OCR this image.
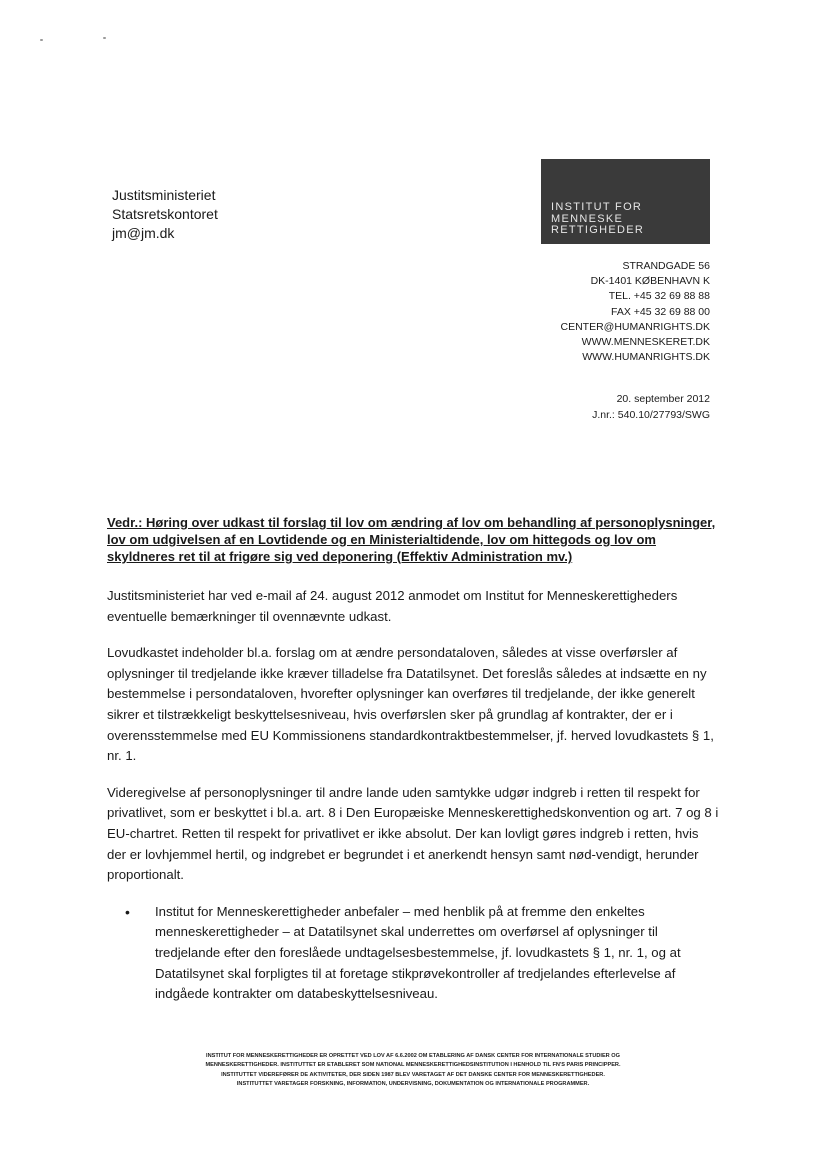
Justitsministeriet
Statsretskontoret
jm@jm.dk
INSTITUT FOR
MENNESKE
RETTIGHEDER
STRANDGADE 56
DK-1401 KØBENHAVN K
TEL. +45 32 69 88 88
FAX +45 32 69 88 00
CENTER@HUMANRIGHTS.DK
WWW.MENNESKERET.DK
WWW.HUMANRIGHTS.DK
20. september 2012
J.nr.: 540.10/27793/SWG
Vedr.: Høring over udkast til forslag til lov om ændring af lov om behandling af personoplysninger, lov om udgivelsen af en Lovtidende og en Ministerialtidende, lov om hittegods og lov om skyldneres ret til at frigøre sig ved deponering (Effektiv Administration mv.)

Justitsministeriet har ved e-mail af 24. august 2012 anmodet om Institut for Menneskerettigheders eventuelle bemærkninger til ovennævnte udkast.

Lovudkastet indeholder bl.a. forslag om at ændre persondataloven, således at visse overførsler af oplysninger til tredjelande ikke kræver tilladelse fra Datatilsynet. Det foreslås således at indsætte en ny bestemmelse i persondataloven, hvorefter oplysninger kan overføres til tredjelande, der ikke generelt sikrer et tilstrækkeligt beskyttelsesniveau, hvis overførslen sker på grundlag af kontrakter, der er i overensstemmelse med EU Kommissionens standardkontraktbestemmelser, jf. herved lovudkastets § 1, nr. 1.

Videregivelse af personoplysninger til andre lande uden samtykke udgør indgreb i retten til respekt for privatlivet, som er beskyttet i bl.a. art. 8 i Den Europæiske Menneskerettighedskonvention og art. 7 og 8 i EU-chartret. Retten til respekt for privatlivet er ikke absolut. Der kan lovligt gøres indgreb i retten, hvis der er lovhjemmel hertil, og indgrebet er begrundet i et anerkendt hensyn samt nød-vendigt, herunder proportionalt.

•	Institut for Menneskerettigheder anbefaler – med henblik på at fremme den enkeltes menneskerettigheder – at Datatilsynet skal underrettes om overførsel af oplysninger til tredjelande efter den foreslåede undtagelsesbestemmelse, jf. lovudkastets § 1, nr. 1, og at Datatilsynet skal forpligtes til at foretage stikprøvekontroller af tredjelandes efterlevelse af indgåede kontrakter om databeskyttelsesniveau.
INSTITUT FOR MENNESKERETTIGHEDER ER OPRETTET VED LOV AF 6.6.2002 OM ETABLERING AF DANSK CENTER FOR INTERNATIONALE STUDIER OG
MENNESKERETTIGHEDER. INSTITUTTET ER ETABLERET SOM NATIONAL MENNESKERETTIGHEDSINSTITUTION I HENHOLD TIL FN'S PARIS PRINCIPPER.
INSTITUTTET VIDEREFØRER DE AKTIVITETER, DER SIDEN 1987 BLEV VARETAGET AF DET DANSKE CENTER FOR MENNESKERETTIGHEDER.
INSTITUTTET VARETAGER FORSKNING, INFORMATION, UNDERVISNING, DOKUMENTATION OG INTERNATIONALE PROGRAMMER.
